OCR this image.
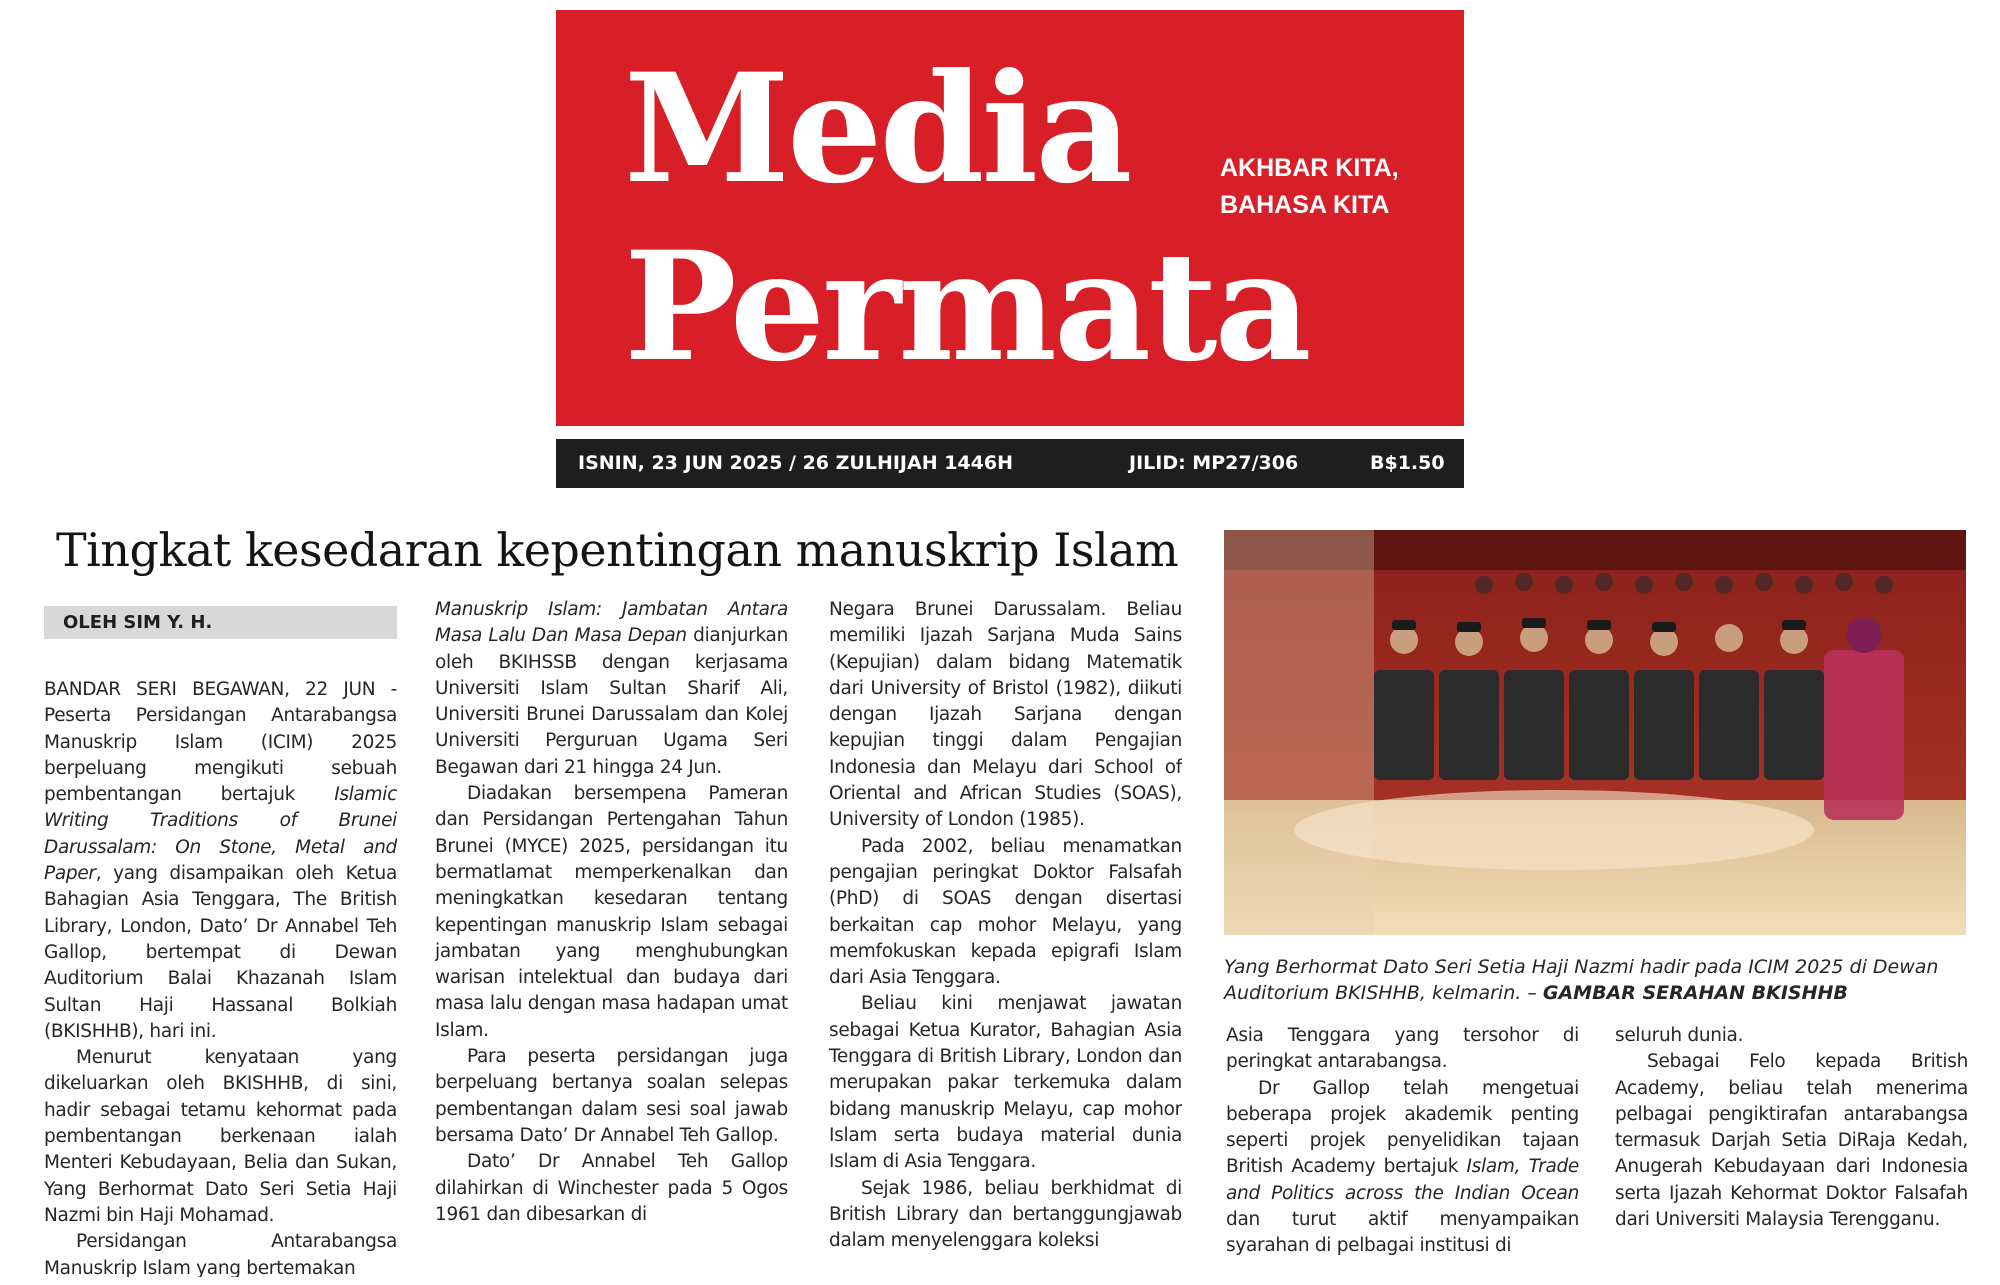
Media
Permata
AKHBAR KITA,
BAHASA KITA
ISNIN, 23 JUN 2025 / 26 ZULHIJAH 1446H	JILID: MP27/306	B$1.50
Tingkat kesedaran kepentingan manuskrip Islam
OLEH SIM Y. H.

BANDAR SERI BEGAWAN, 22 JUN - Peserta Persidangan Antarabangsa Manuskrip Islam (ICIM) 2025 berpeluang mengikuti sebuah pembentangan bertajuk Islamic Writing Traditions of Brunei Darussalam: On Stone, Metal and Paper, yang disampaikan oleh Ketua Bahagian Asia Tenggara, The British Library, London, Dato’ Dr Annabel Teh Gallop, bertempat di Dewan Auditorium Balai Khazanah Islam Sultan Haji Hassanal Bolkiah (BKISHHB), hari ini.

Menurut kenyataan yang dikeluarkan oleh BKISHHB, di sini, hadir sebagai tetamu kehormat pada pembentangan berkenaan ialah Menteri Kebudayaan, Belia dan Sukan, Yang Berhormat Dato Seri Setia Haji Nazmi bin Haji Mohamad.

Persidangan Antarabangsa Manuskrip Islam yang bertemakan

Manuskrip Islam: Jambatan Antara Masa Lalu Dan Masa Depan dianjurkan oleh BKIHSSB dengan kerjasama Universiti Islam Sultan Sharif Ali, Universiti Brunei Darussalam dan Kolej Universiti Perguruan Ugama Seri Begawan dari 21 hingga 24 Jun.

Diadakan bersempena Pameran dan Persidangan Pertengahan Tahun Brunei (MYCE) 2025, persidangan itu bermatlamat memperkenalkan dan meningkatkan kesedaran tentang kepentingan manuskrip Islam sebagai jambatan yang menghubungkan warisan intelektual dan budaya dari masa lalu dengan masa hadapan umat Islam.

Para peserta persidangan juga berpeluang bertanya soalan selepas pembentangan dalam sesi soal jawab bersama Dato’ Dr Annabel Teh Gallop.

Dato’ Dr Annabel Teh Gallop dilahirkan di Winchester pada 5 Ogos 1961 dan dibesarkan di

Negara Brunei Darussalam. Beliau memiliki Ijazah Sarjana Muda Sains (Kepujian) dalam bidang Matematik dari University of Bristol (1982), diikuti dengan Ijazah Sarjana dengan kepujian tinggi dalam Pengajian Indonesia dan Melayu dari School of Oriental and African Studies (SOAS), University of London (1985).

Pada 2002, beliau menamatkan pengajian peringkat Doktor Falsafah (PhD) di SOAS dengan disertasi berkaitan cap mohor Melayu, yang memfokuskan kepada epigrafi Islam dari Asia Tenggara.

Beliau kini menjawat jawatan sebagai Ketua Kurator, Bahagian Asia Tenggara di British Library, London dan merupakan pakar terkemuka dalam bidang manuskrip Melayu, cap mohor Islam serta budaya material dunia Islam di Asia Tenggara.

Sejak 1986, beliau berkhidmat di British Library dan bertanggungjawab dalam menyelenggara koleksi

Yang Berhormat Dato Seri Setia Haji Nazmi hadir pada ICIM 2025 di Dewan Auditorium BKISHHB, kelmarin. – GAMBAR SERAHAN BKISHHB

Asia Tenggara yang tersohor di peringkat antarabangsa.

Dr Gallop telah mengetuai beberapa projek akademik penting seperti projek penyelidikan tajaan British Academy bertajuk Islam, Trade and Politics across the Indian Ocean dan turut aktif menyampaikan syarahan di pelbagai institusi di

seluruh dunia.

Sebagai Felo kepada British Academy, beliau telah menerima pelbagai pengiktirafan antarabangsa termasuk Darjah Setia DiRaja Kedah, Anugerah Kebudayaan dari Indonesia serta Ijazah Kehormat Doktor Falsafah dari Universiti Malaysia Terengganu.
